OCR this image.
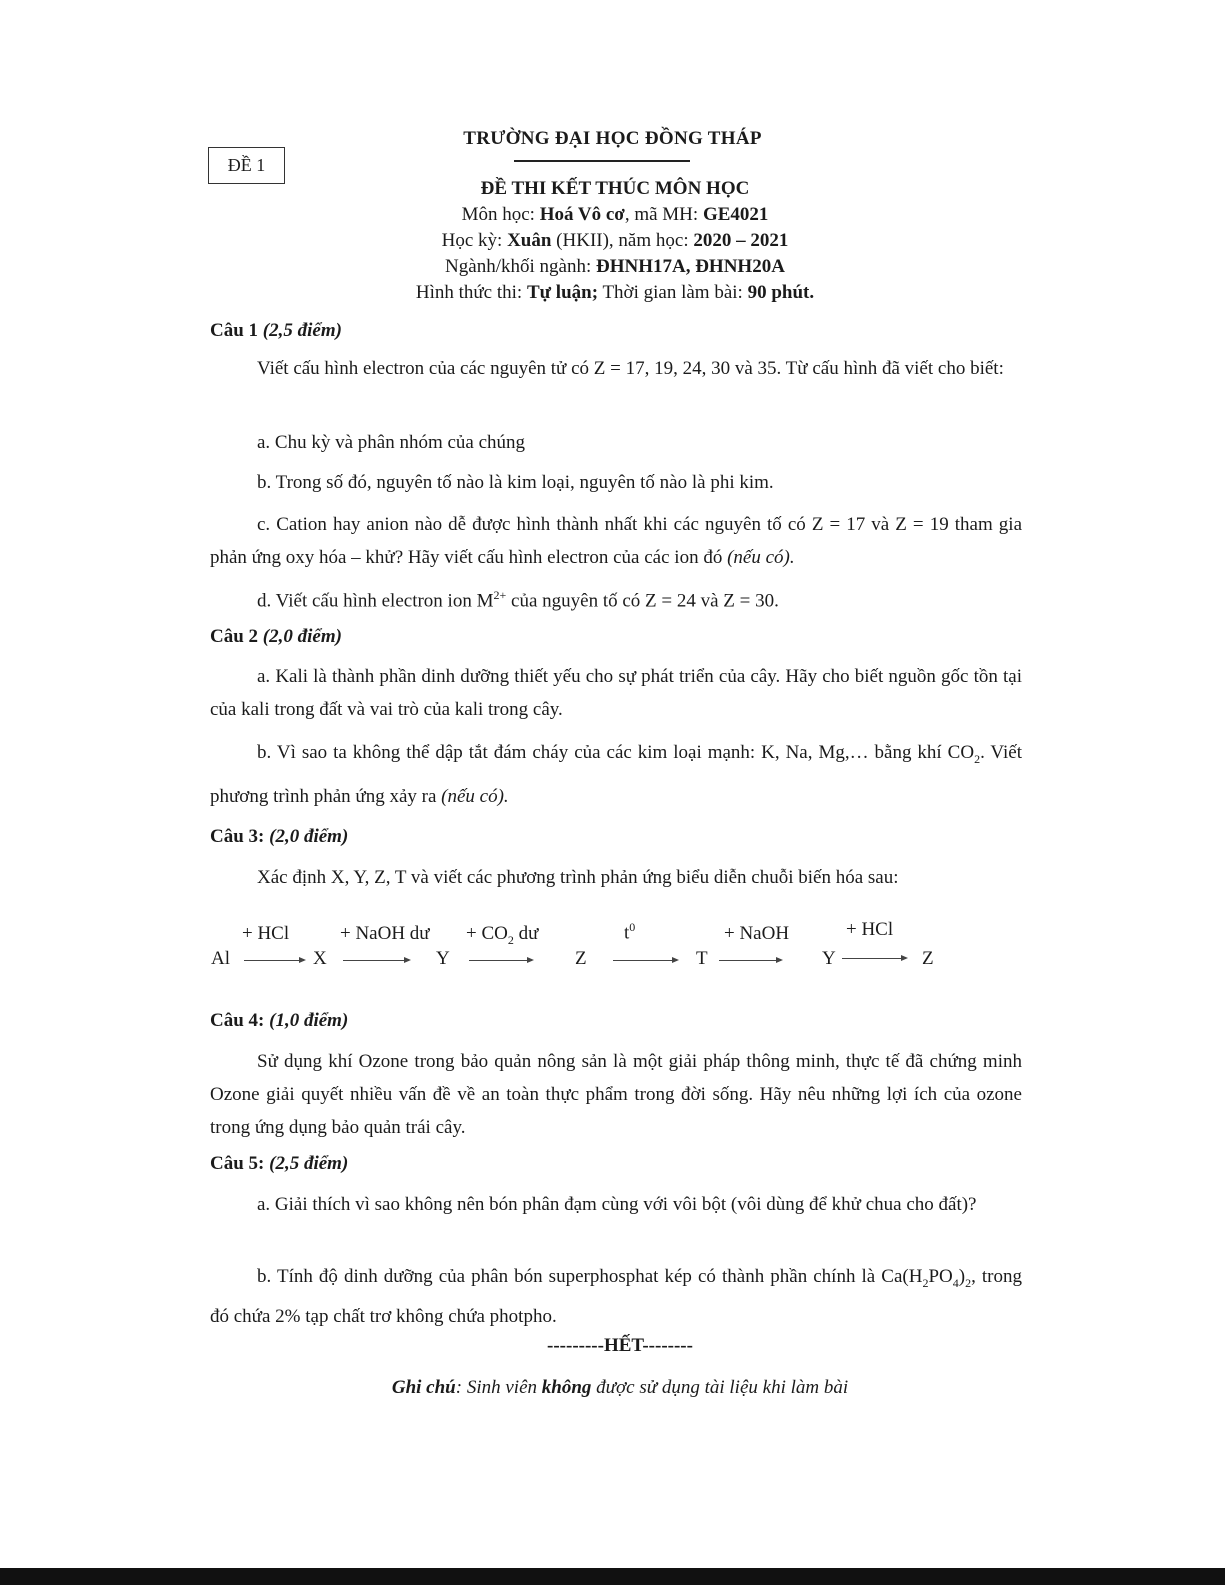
ĐỀ 1
TRƯỜNG ĐẠI HỌC ĐỒNG THÁP
ĐỀ THI KẾT THÚC MÔN HỌC
Môn học: Hoá Vô cơ, mã MH: GE4021
Học kỳ: Xuân (HKII), năm học: 2020 – 2021
Ngành/khối ngành: ĐHNH17A, ĐHNH20A
Hình thức thi: Tự luận; Thời gian làm bài: 90 phút.
Câu 1 (2,5 điểm)
Viết cấu hình electron của các nguyên tử có Z = 17, 19, 24, 30 và 35. Từ cấu hình đã viết cho biết:
a. Chu kỳ và phân nhóm của chúng
b. Trong số đó, nguyên tố nào là kim loại, nguyên tố nào là phi kim.
c. Cation hay anion nào dễ được hình thành nhất khi các nguyên tố có Z = 17 và Z = 19 tham gia phản ứng oxy hóa – khử? Hãy viết cấu hình electron của các ion đó (nếu có).
d. Viết cấu hình electron ion $M^{2+}$ của nguyên tố có Z = 24 và Z = 30.
Câu 2 (2,0 điểm)
a. Kali là thành phần dinh dưỡng thiết yếu cho sự phát triển của cây. Hãy cho biết nguồn gốc tồn tại của kali trong đất và vai trò của kali trong cây.
b. Vì sao ta không thể dập tắt đám cháy của các kim loại mạnh: K, Na, Mg,… bằng khí $CO_2$. Viết phương trình phản ứng xảy ra (nếu có).
Câu 3: (2,0 điểm)
Xác định X, Y, Z, T và viết các phương trình phản ứng biểu diễn chuỗi biến hóa sau:
+ HCl	+ NaOH dư + $CO_2$ dư	$t^0$	+ NaOH	+ HCl
Al	X	Y	Z	T	Y	Z
Câu 4: (1,0 điểm)
Sử dụng khí Ozone trong bảo quản nông sản là một giải pháp thông minh, thực tế đã chứng minh Ozone giải quyết nhiều vấn đề về an toàn thực phẩm trong đời sống. Hãy nêu những lợi ích của ozone trong ứng dụng bảo quản trái cây.
Câu 5: (2,5 điểm)
a. Giải thích vì sao không nên bón phân đạm cùng với vôi bột (vôi dùng để khử chua cho đất)?
b. Tính độ dinh dưỡng của phân bón superphosphat kép có thành phần chính là $Ca(H_2PO_4)_2$, trong đó chứa 2% tạp chất trơ không chứa photpho.
---------HẾT--------
Ghi chú: Sinh viên không được sử dụng tài liệu khi làm bài
